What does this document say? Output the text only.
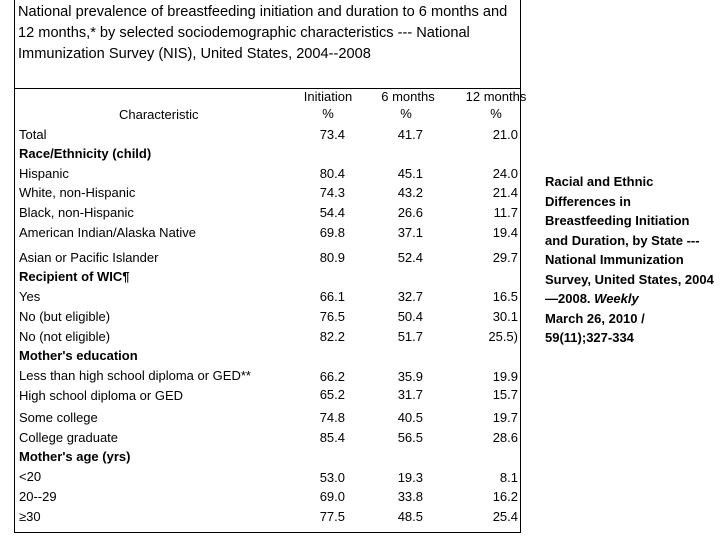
National prevalence of breastfeeding initiation and duration to 6 months and 12 months,* by selected sociodemographic characteristics --- National Immunization Survey (NIS), United States, 2004--2008
Initiation	6 months	12 months
%	%	%
Characteristic
Total	73.4	41.7	21.0
Race/Ethnicity (child)
Hispanic	80.4	45.1	24.0
White, non-Hispanic	74.3	43.2	21.4
Black, non-Hispanic	54.4	26.6	11.7
American Indian/Alaska Native	69.8	37.1	19.4
Asian or Pacific Islander	80.9	52.4	29.7
Recipient of WIC¶
Yes	66.1	32.7	16.5
No (but eligible)	76.5	50.4	30.1
No (not eligible)	82.2	51.7	25.5)
Mother's education
Less than high school diploma or GED**	66.2	35.9	19.9
High school diploma or GED	65.2	31.7	15.7
Some college	74.8	40.5	19.7
College graduate	85.4	56.5	28.6
Mother's age (yrs)
<20	53.0	19.3	8.1
20--29	69.0	33.8	16.2
≥30	77.5	48.5	25.4
Racial and Ethnic Differences in Breastfeeding Initiation and Duration, by State --- National Immunization Survey, United States, 2004—2008. Weekly
March 26, 2010 / 59(11);327-334
